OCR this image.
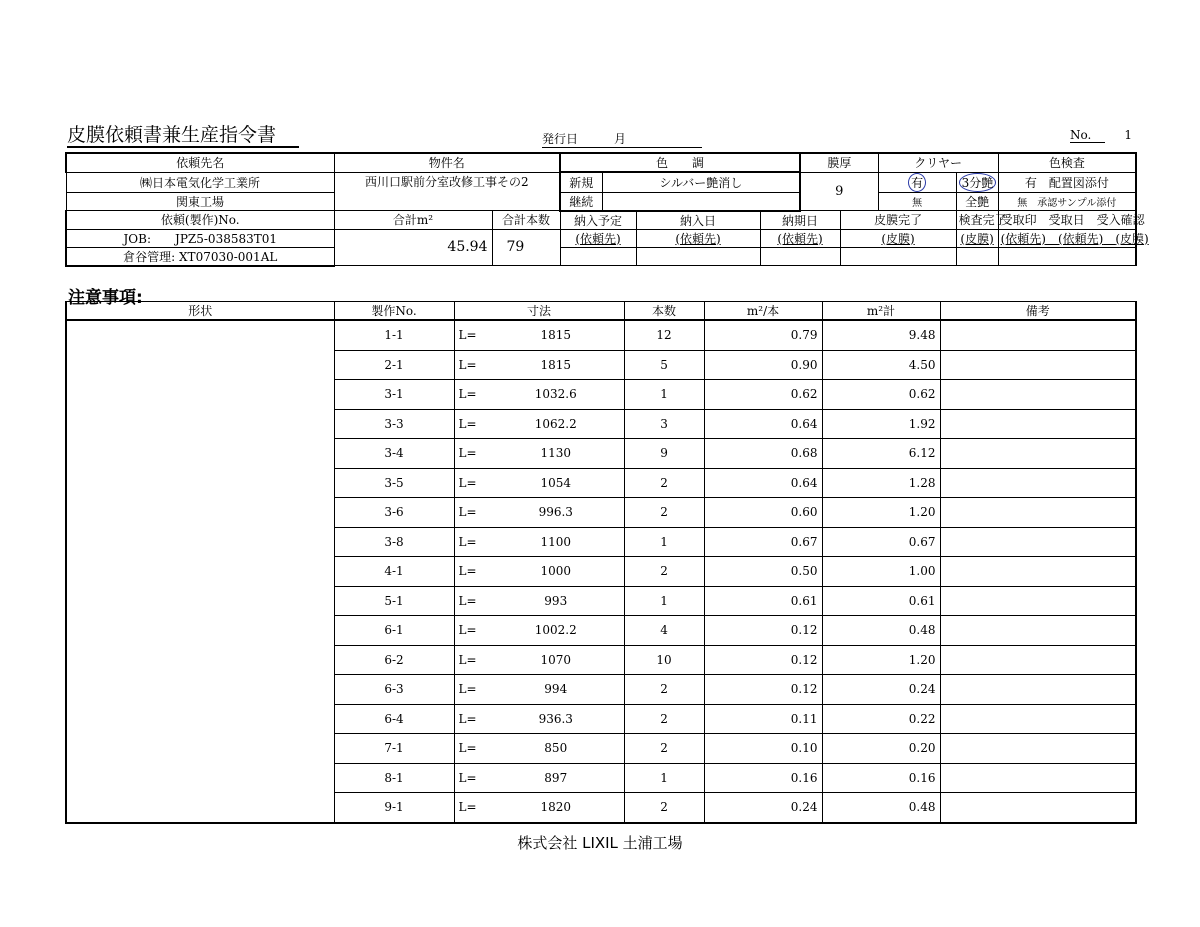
皮膜依頼書兼生産指令書	発行日　　　月	No.	1
依頼先名	物件名		色　　調				膜厚		クリヤー		色検査
㈱日本電気化学工業所	西川口駅前分室改修工事その2		新規	シルバー艶消し			9		有	3分艶	有　 配置図添付
関東工場			継続						無	全艶	無　 承認サンプル添付
依頼(製作)No.	合計m²	合計本数	納入予定		納入日	納期日		皮膜完了		検査完了	受取印　 受取日　 受入確認
JOB:　　 JPZ5-038583T01	45.94	79	(依頼先)		(依頼先)	(依頼先)		(皮膜)		(皮膜)	(依頼先)　 (依頼先)　 (皮膜)
倉谷管理: XT07030-001AL											
注意事項:
形状	製作No.	寸法		本数	m²/本	m²計	備考
	1-1	L=	1815	12	0.79	9.48	
	2-1	L=	1815	5	0.90	4.50	
	3-1	L=	1032.6	1	0.62	0.62	
	3-3	L=	1062.2	3	0.64	1.92	
	3-4	L=	1130	9	0.68	6.12	
	3-5	L=	1054	2	0.64	1.28	
	3-6	L=	996.3	2	0.60	1.20	
	3-8	L=	1100	1	0.67	0.67	
	4-1	L=	1000	2	0.50	1.00	
	5-1	L=	993	1	0.61	0.61	
	6-1	L=	1002.2	4	0.12	0.48	
	6-2	L=	1070	10	0.12	1.20	
	6-3	L=	994	2	0.12	0.24	
	6-4	L=	936.3	2	0.11	0.22	
	7-1	L=	850	2	0.10	0.20	
	8-1	L=	897	1	0.16	0.16	
	9-1	L=	1820	2	0.24	0.48	
株式会社 LIXIL 土浦工場
